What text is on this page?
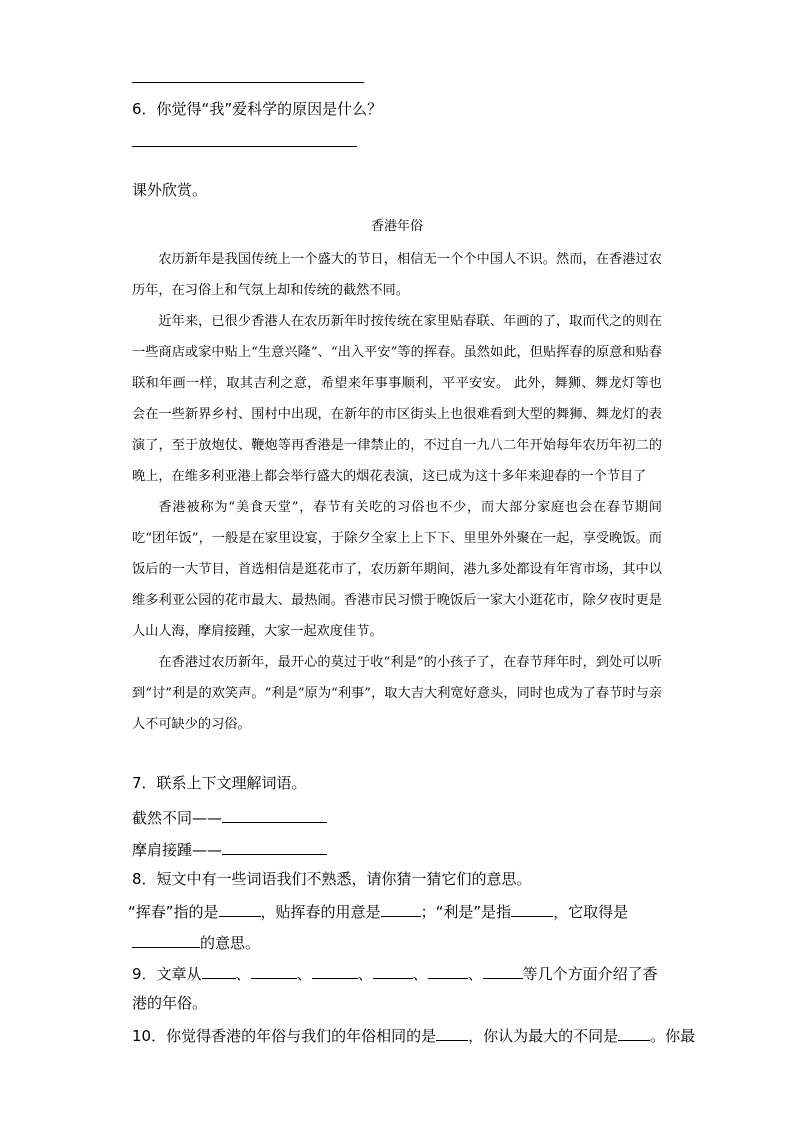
6．你觉得“我”爱科学的原因是什么？
课外欣赏。
香港年俗

农历新年是我国传统上一个盛大的节日，相信无一个个中国人不识。然而，在香港过农历年，在习俗上和气氛上却和传统的截然不同。

近年来，已很少香港人在农历新年时按传统在家里贴春联、年画的了，取而代之的则在一些商店或家中贴上“生意兴隆”、“出入平安”等的挥春。虽然如此，但贴挥春的原意和贴春联和年画一样，取其吉利之意，希望来年事事顺利，平平安安。 此外，舞狮、舞龙灯等也会在一些新界乡村、围村中出现，在新年的市区街头上也很难看到大型的舞狮、舞龙灯的表演了，至于放炮仗、鞭炮等再香港是一律禁止的，不过自一九八二年开始每年农历年初二的晚上，在维多利亚港上都会举行盛大的烟花表演，这已成为这十多年来迎春的一个节目了

香港被称为“美食天堂”，春节有关吃的习俗也不少，而大部分家庭也会在春节期间吃“团年饭”，一般是在家里设宴，于除夕全家上上下下、里里外外聚在一起，享受晚饭。而饭后的一大节目，首选相信是逛花市了，农历新年期间，港九多处都设有年宵市场，其中以维多利亚公园的花市最大、最热闹。香港市民习惯于晚饭后一家大小逛花市，除夕夜时更是人山人海，摩肩接踵，大家一起欢度佳节。

在香港过农历新年，最开心的莫过于收“利是”的小孩子了，在春节拜年时，到处可以听到“讨”利是的欢笑声。“利是”原为“利事”，取大吉大利宽好意头，同时也成为了春节时与亲人不可缺少的习俗。

7．联系上下文理解词语。
截然不同——
摩肩接踵——
8．短文中有一些词语我们不熟悉，请你猜一猜它们的意思。
“挥春”指的是	，贴挥春的用意是	；“利是”是指	，它取得是
的意思。
9．文章从 、	、	、	、	、	等几个方面介绍了香
港的年俗。
10．你觉得香港的年俗与我们的年俗相同的是 ，你认为最大的不同是 。你最
